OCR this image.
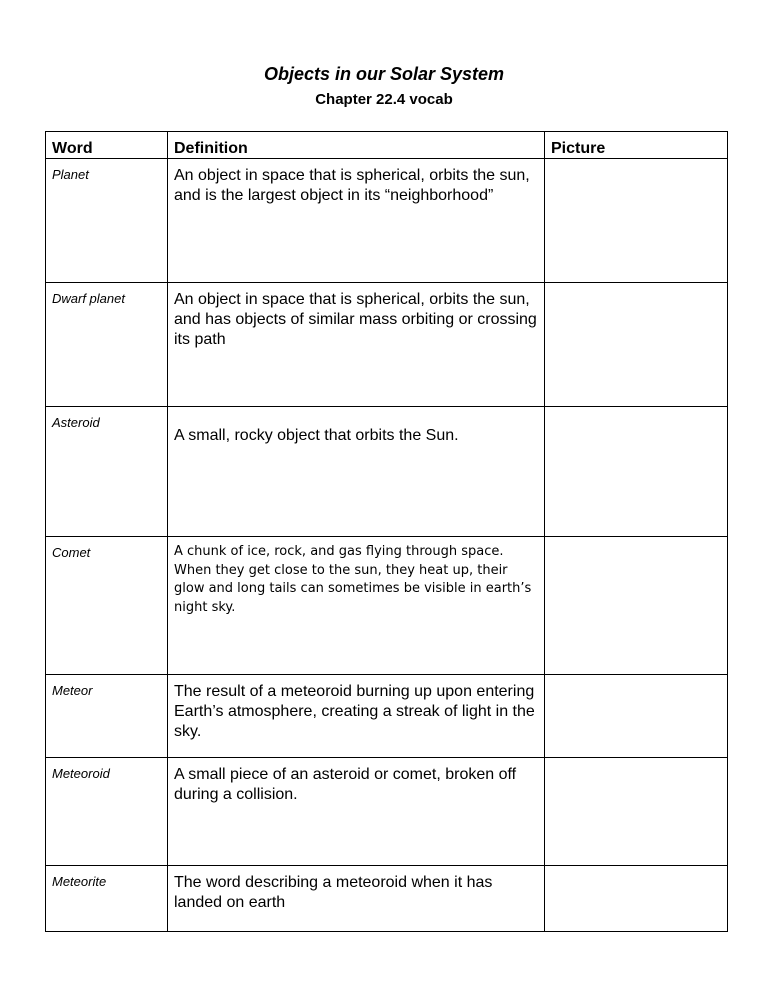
Objects in our Solar System
Chapter 22.4 vocab
Word	Definition	Picture

Planet	An object in space that is spherical, orbits the sun, and is the largest object in its “neighborhood”	

Dwarf planet	An object in space that is spherical, orbits the sun, and has objects of similar mass orbiting or crossing its path	

Asteroid	A small, rocky object that orbits the Sun.	

Comet	A chunk of ice, rock, and gas flying through space. When they get close to the sun, they heat up, their glow and long tails can sometimes be visible in earth’s night sky.	

Meteor	The result of a meteoroid burning up upon entering Earth’s atmosphere, creating a streak of light in the sky.	

Meteoroid	A small piece of an asteroid or comet, broken off during a collision.	

Meteorite	The word describing a meteoroid when it has landed on earth	
